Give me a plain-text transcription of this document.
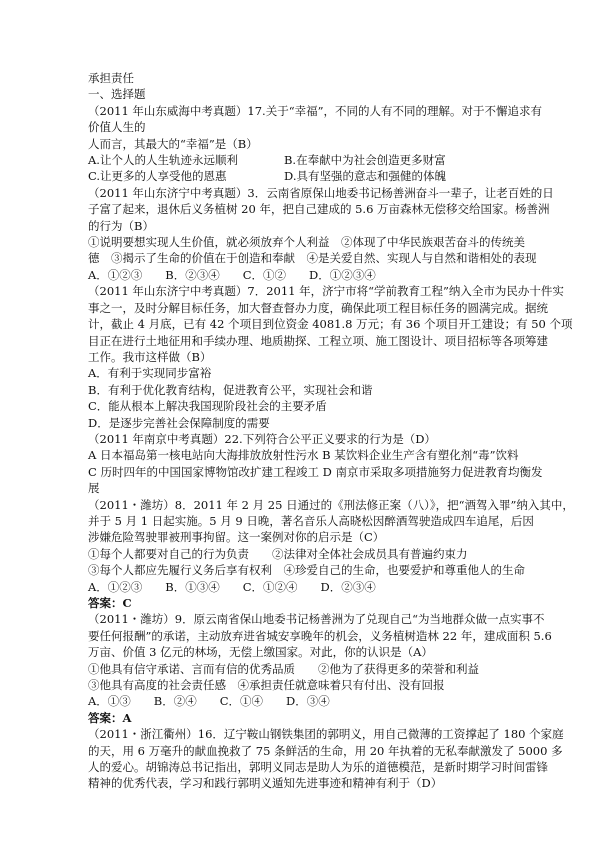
承担责任
一、选择题
（2011 年山东威海中考真题）17.关于“幸福”，不同的人有不同的理解。对于不懈追求有
价值人生的
人而言，其最大的“幸福”是（B）
A.让个人的人生轨迹永远顺利　　　　B.在奉献中为社会创造更多财富
C.让更多的人享受他的恩惠　　　　　D.具有坚强的意志和强健的体魄
（2011 年山东济宁中考真题）3．云南省原保山地委书记杨善洲奋斗一辈子，让老百姓的日
子富了起来，退休后义务植树 20 年，把自己建成的 5.6 万亩森林无偿移交给国家。杨善洲
的行为（B）
①说明要想实现人生价值，就必须放弃个人利益　②体现了中华民族艰苦奋斗的传统美
德　③揭示了生命的价值在于创造和奉献　④是关爱自然、实现人与自然和谐相处的表现
A．①②③　　B．②③④　　C．①②　　D．①②③④
（2011 年山东济宁中考真题）7．2011 年，济宁市将“学前教育工程”纳入全市为民办十件实
事之一，及时分解目标任务，加大督查督办力度，确保此项工程目标任务的圆满完成。据统
计，截止 4 月底，已有 42 个项目到位资金 4081.8 万元；有 36 个项目开工建设；有 50 个项
目正在进行土地征用和手续办理、地质勘探、工程立项、施工图设计、项目招标等各项筹建
工作。我市这样做（B）
A．有利于实现同步富裕
B．有利于优化教育结构，促进教育公平，实现社会和谐
C．能从根本上解决我国现阶段社会的主要矛盾
D．是逐步完善社会保障制度的需要
（2011 年南京中考真题）22.下列符合公平正义要求的行为是（D）
A 日本福岛第一核电站向大海排放放射性污水 B 某饮料企业生产含有塑化剂“毒”饮料
C 历时四年的中国国家博物馆改扩建工程竣工 D 南京市采取多项措施努力促进教育均衡发
展
（2011・潍坊）8．2011 年 2 月 25 日通过的《刑法修正案（八）》，把“酒驾入罪”纳入其中，
并于 5 月 1 日起实施。5 月 9 日晚，著名音乐人高晓松因醉酒驾驶造成四车追尾，后因
涉嫌危险驾驶罪被刑事拘留。这一案例对你的启示是（C）
①每个人都要对自己的行为负责　　②法律对全体社会成员具有普遍约束力
③每个人都应先履行义务后享有权利　④珍爱自己的生命，也要爱护和尊重他人的生命
A．①②③　　B．①③④　　C．①②④　　D．②③④
答案：C
（2011・潍坊）9．原云南省保山地委书记杨善洲为了兑现自己“为当地群众做一点实事不
要任何报酬”的承诺，主动放弃进省城安享晚年的机会，义务植树造林 22 年，建成面积 5.6
万亩、价值 3 亿元的林场，无偿上缴国家。对此，你的认识是（A）
①他具有信守承诺、言而有信的优秀品质　　②他为了获得更多的荣誉和利益
③他具有高度的社会责任感　④承担责任就意味着只有付出、没有回报
A．①③　　B．②④　　C．①④　　D．③④
答案：A
（2011・浙江衢州）16．辽宁鞍山钢铁集团的郭明义，用自己微薄的工资撑起了 180 个家庭
的天，用 6 万毫升的献血挽救了 75 条鲜活的生命，用 20 年执着的无私奉献激发了 5000 多
人的爱心。胡锦涛总书记指出，郭明义同志是助人为乐的道德模范，是新时期学习时间雷锋
精神的优秀代表，学习和践行郭明义遁知先进事迹和精神有利于（D）
